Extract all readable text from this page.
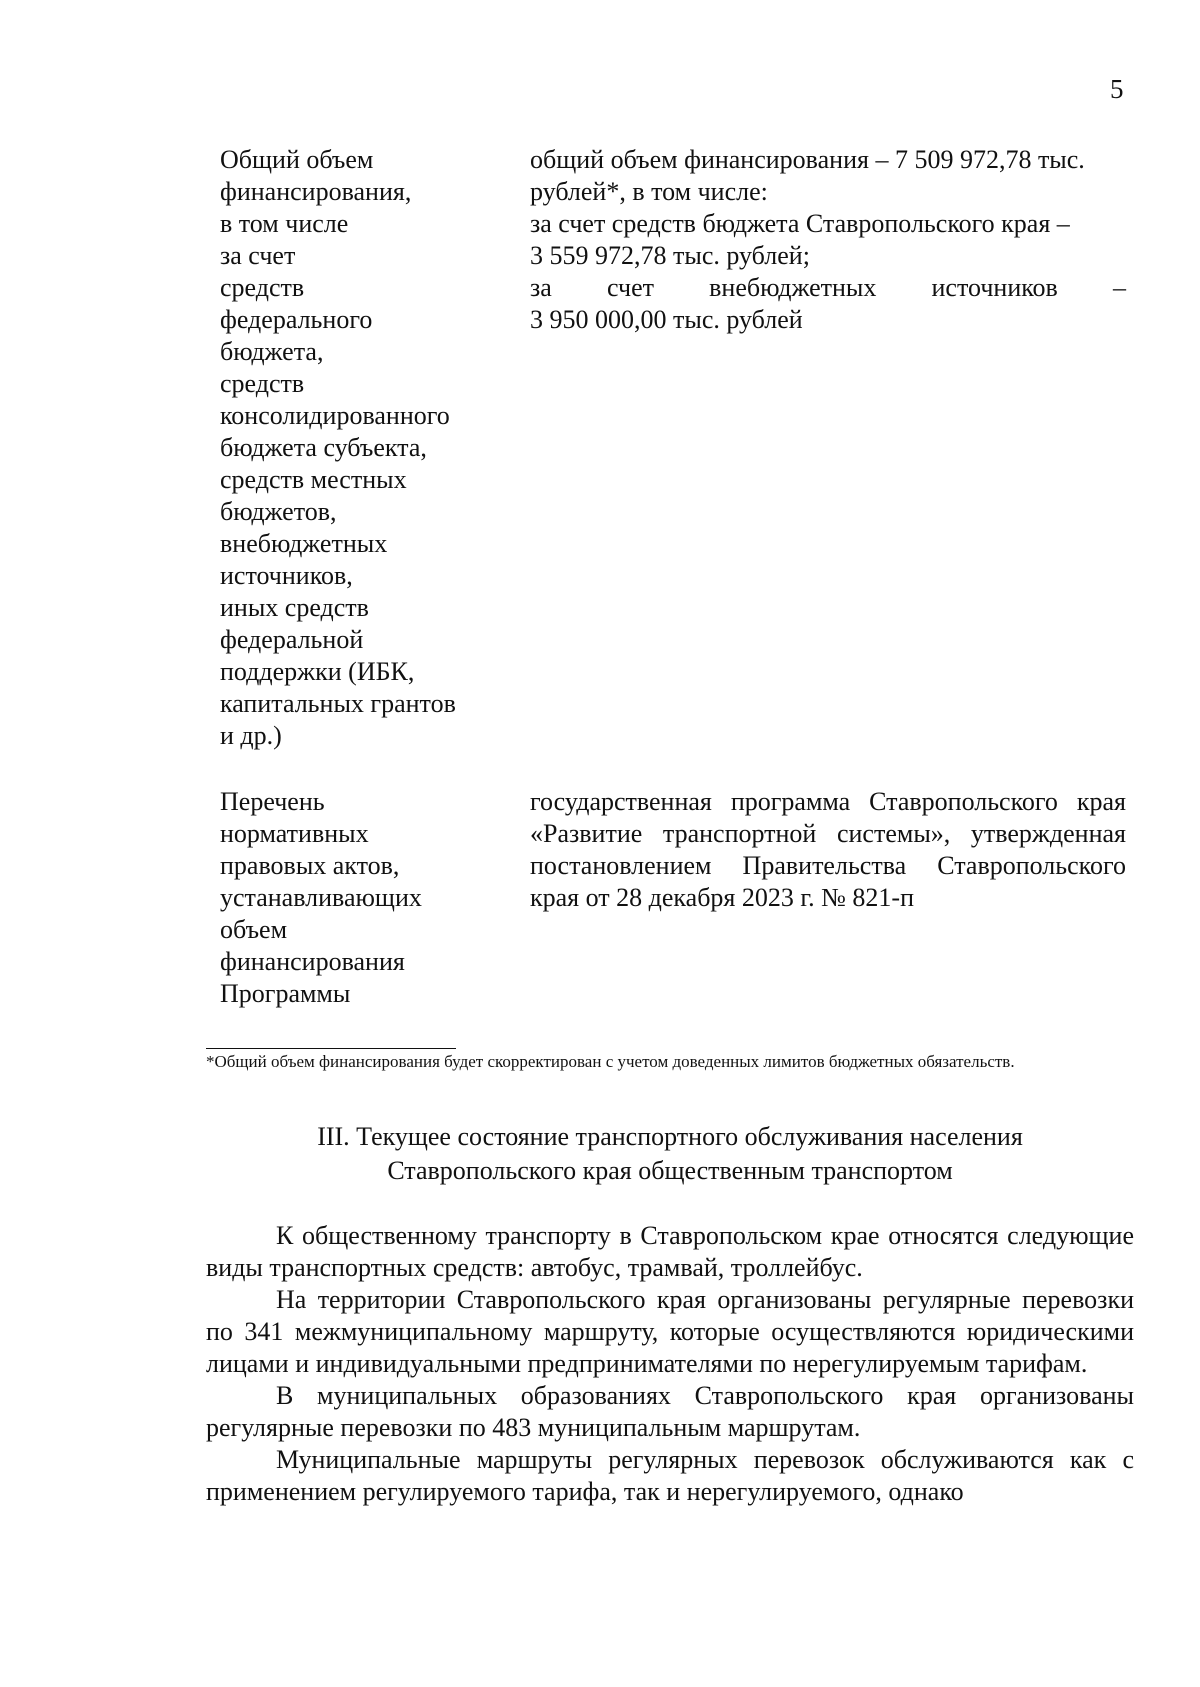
5
Общий объем
финансирования,
в том числе
за счет
средств
федерального
бюджета,
средств
консолидированного
бюджета субъекта,
средств местных
бюджетов,
внебюджетных
источников,
иных средств
федеральной
поддержки (ИБК,
капитальных грантов
и др.)
общий объем финансирования – 7 509 972,78 тыс.
рублей*, в том числе:
за счет средств бюджета Ставропольского края –
3 559 972,78 тыс. рублей;
за счет внебюджетных источников –
3 950 000,00 тыс. рублей
Перечень
нормативных
правовых актов,
устанавливающих
объем
финансирования
Программы
государственная программа Ставропольского края «Развитие транспортной системы», утвержденная постановлением Правительства Ставропольского края от 28 декабря 2023 г. № 821-п
*Общий объем финансирования будет скорректирован с учетом доведенных лимитов бюджетных обязательств.
III. Текущее состояние транспортного обслуживания населения
Ставропольского края общественным транспортом

К общественному транспорту в Ставропольском крае относятся следующие виды транспортных средств: автобус, трамвай, троллейбус.

На территории Ставропольского края организованы регулярные перевозки по 341 межмуниципальному маршруту, которые осуществляются юридическими лицами и индивидуальными предпринимателями по нерегулируемым тарифам.

В муниципальных образованиях Ставропольского края организованы регулярные перевозки по 483 муниципальным маршрутам.

Муниципальные маршруты регулярных перевозок обслуживаются как с применением регулируемого тарифа, так и нерегулируемого, однако
